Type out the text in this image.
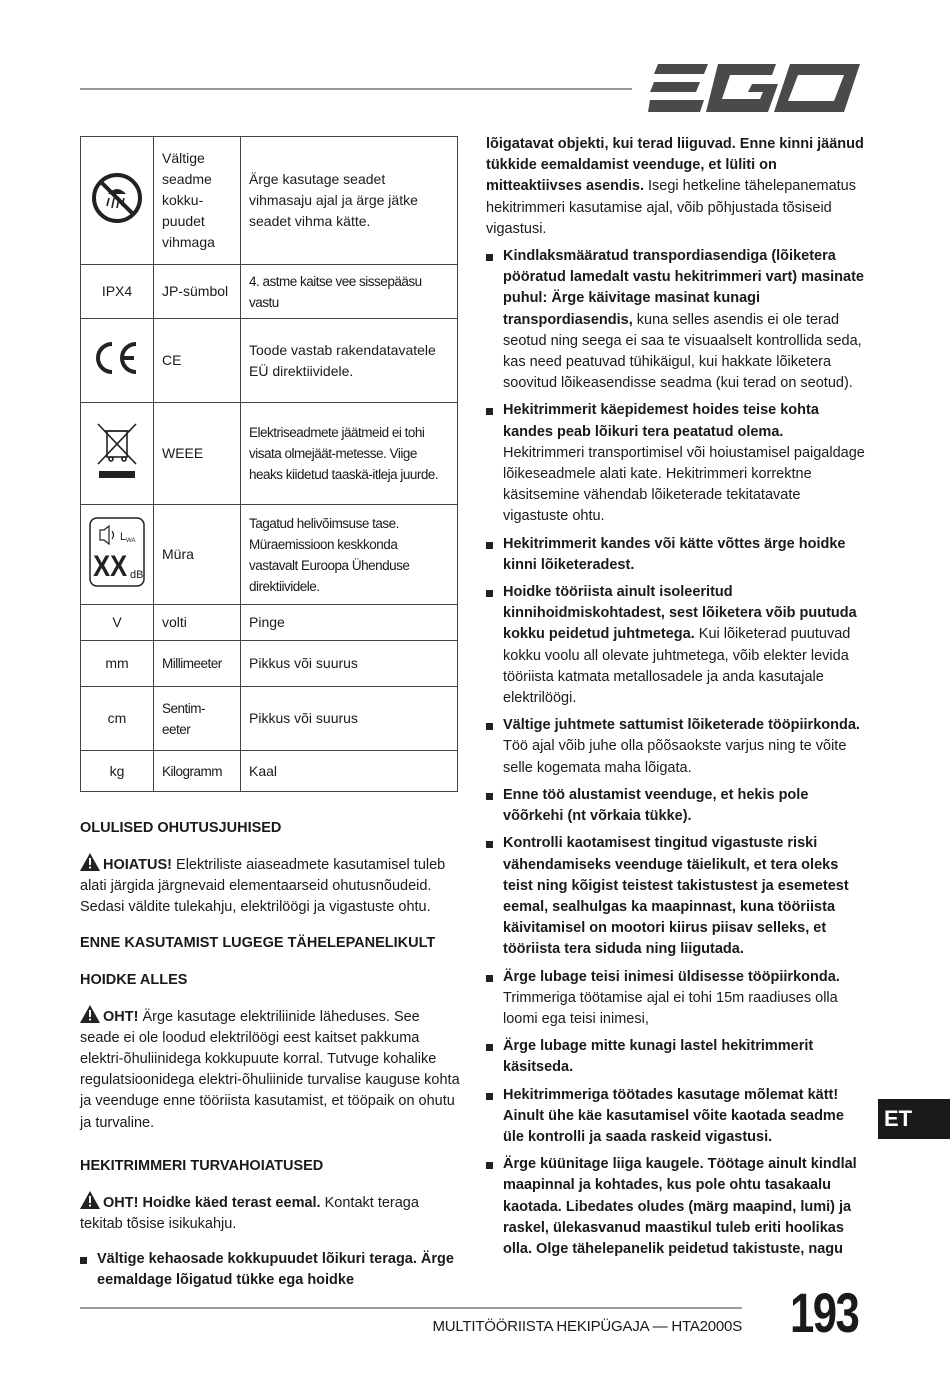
	Vältige seadme kokku-puudet vihmaga	Ärge kasutage seadet vihmasaju ajal ja ärge jätke seadet vihma kätte.
IPX4	JP-sümbol	4. astme kaitse vee sissepääsu vastu
	CE	Toode vastab rakendatavatele EÜ direktiividele.
	WEEE	Elektriseadmete jäätmeid ei tohi visata olmejäät-metesse. Viige heaks kiidetud taaskä-itleja juurde.

L WA
XX dB	Müra	Tagatud helivõimsuse tase. Müraemissioon keskkonda vastavalt Euroopa Ühenduse direktiividele.
V	volti	Pinge
mm	Millimeeter	Pikkus või suurus
cm	Sentim-eeter	Pikkus või suurus
kg	Kilogramm	Kaal
OLULISED OHUTUSJUHISED

HOIATUS! Elektriliste aiaseadmete kasutamisel tuleb alati järgida järgnevaid elementaarseid ohutusnõudeid. Sedasi väldite tulekahju, elektrilöögi ja vigastuste ohtu.

ENNE KASUTAMIST LUGEGE TÄHELEPANELIKULT
HOIDKE ALLES

OHT! Ärge kasutage elektriliinide läheduses. See seade ei ole loodud elektrilöögi eest kaitset pakkuma elektri-õhuliinidega kokkupuute korral. Tutvuge kohalike regulatsioonidega elektri-õhuliinide turvalise kauguse kohta ja veenduge enne tööriista kasutamist, et tööpaik on ohutu ja turvaline.

HEKITRIMMERI TURVAHOIATUSED

OHT! Hoidke käed terast eemal. Kontakt teraga tekitab tõsise isikukahju.

Vältige kehaosade kokkupuudet lõikuri teraga. Ärge eemaldage lõigatud tükke ega hoidke

lõigatavat objekti, kui terad liiguvad. Enne kinni jäänud tükkide eemaldamist veenduge, et lüliti on mitteaktiivses asendis. Isegi hetkeline tähelepanematus hekitrimmeri kasutamise ajal, võib põhjustada tõsiseid vigastusi.

Kindlaksmääratud transpordiasendiga (lõiketera pööratud lamedalt vastu hekitrimmeri vart) masinate puhul: Ärge käivitage masinat kunagi transpordiasendis, kuna selles asendis ei ole terad seotud ning seega ei saa te visuaalselt kontrollida seda, kas need peatuvad tühikäigul, kui hakkate lõiketera soovitud lõikeasendisse seadma (kui terad on seotud).
Hekitrimmerit käepidemest hoides teise kohta kandes peab lõikuri tera peatatud olema. Hekitrimmeri transportimisel või hoiustamisel paigaldage lõikeseadmele alati kate. Hekitrimmeri korrektne käsitsemine vähendab lõiketerade tekitatavate vigastuste ohtu.
Hekitrimmerit kandes või kätte võttes ärge hoidke kinni lõiketeradest.
Hoidke tööriista ainult isoleeritud kinnihoidmiskohtadest, sest lõiketera võib puutuda kokku peidetud juhtmetega. Kui lõiketerad puutuvad kokku voolu all olevate juhtmetega, võib elekter levida tööriista katmata metallosadele ja anda kasutajale elektrilöögi.
Vältige juhtmete sattumist lõiketerade tööpiirkonda. Töö ajal võib juhe olla põõsaokste varjus ning te võite selle kogemata maha lõigata.
Enne töö alustamist veenduge, et hekis pole võõrkehi (nt võrkaia tükke).
Kontrolli kaotamisest tingitud vigastuste riski vähendamiseks veenduge täielikult, et tera oleks teist ning kõigist teistest takistustest ja esemetest eemal, sealhulgas ka maapinnast, kuna tööriista käivitamisel on mootori kiirus piisav selleks, et tööriista tera siduda ning liigutada.
Ärge lubage teisi inimesi üldisesse tööpiirkonda. Trimmeriga töötamise ajal ei tohi 15m raadiuses olla loomi ega teisi inimesi,
Ärge lubage mitte kunagi lastel hekitrimmerit käsitseda.
Hekitrimmeriga töötades kasutage mõlemat kätt! Ainult ühe käe kasutamisel võite kaotada seadme üle kontrolli ja saada raskeid vigastusi.
Ärge küünitage liiga kaugele. Töötage ainult kindlal maapinnal ja kohtades, kus pole ohtu tasakaalu kaotada. Libedates oludes (märg maapind, lumi) ja raskel, ülekasvanud maastikul tuleb eriti hoolikas olla. Olge tähelepanelik peidetud takistuste, nagu
MULTITÖÖRIISTA HEKIPÜGAJA — HTA2000S 193
ET
